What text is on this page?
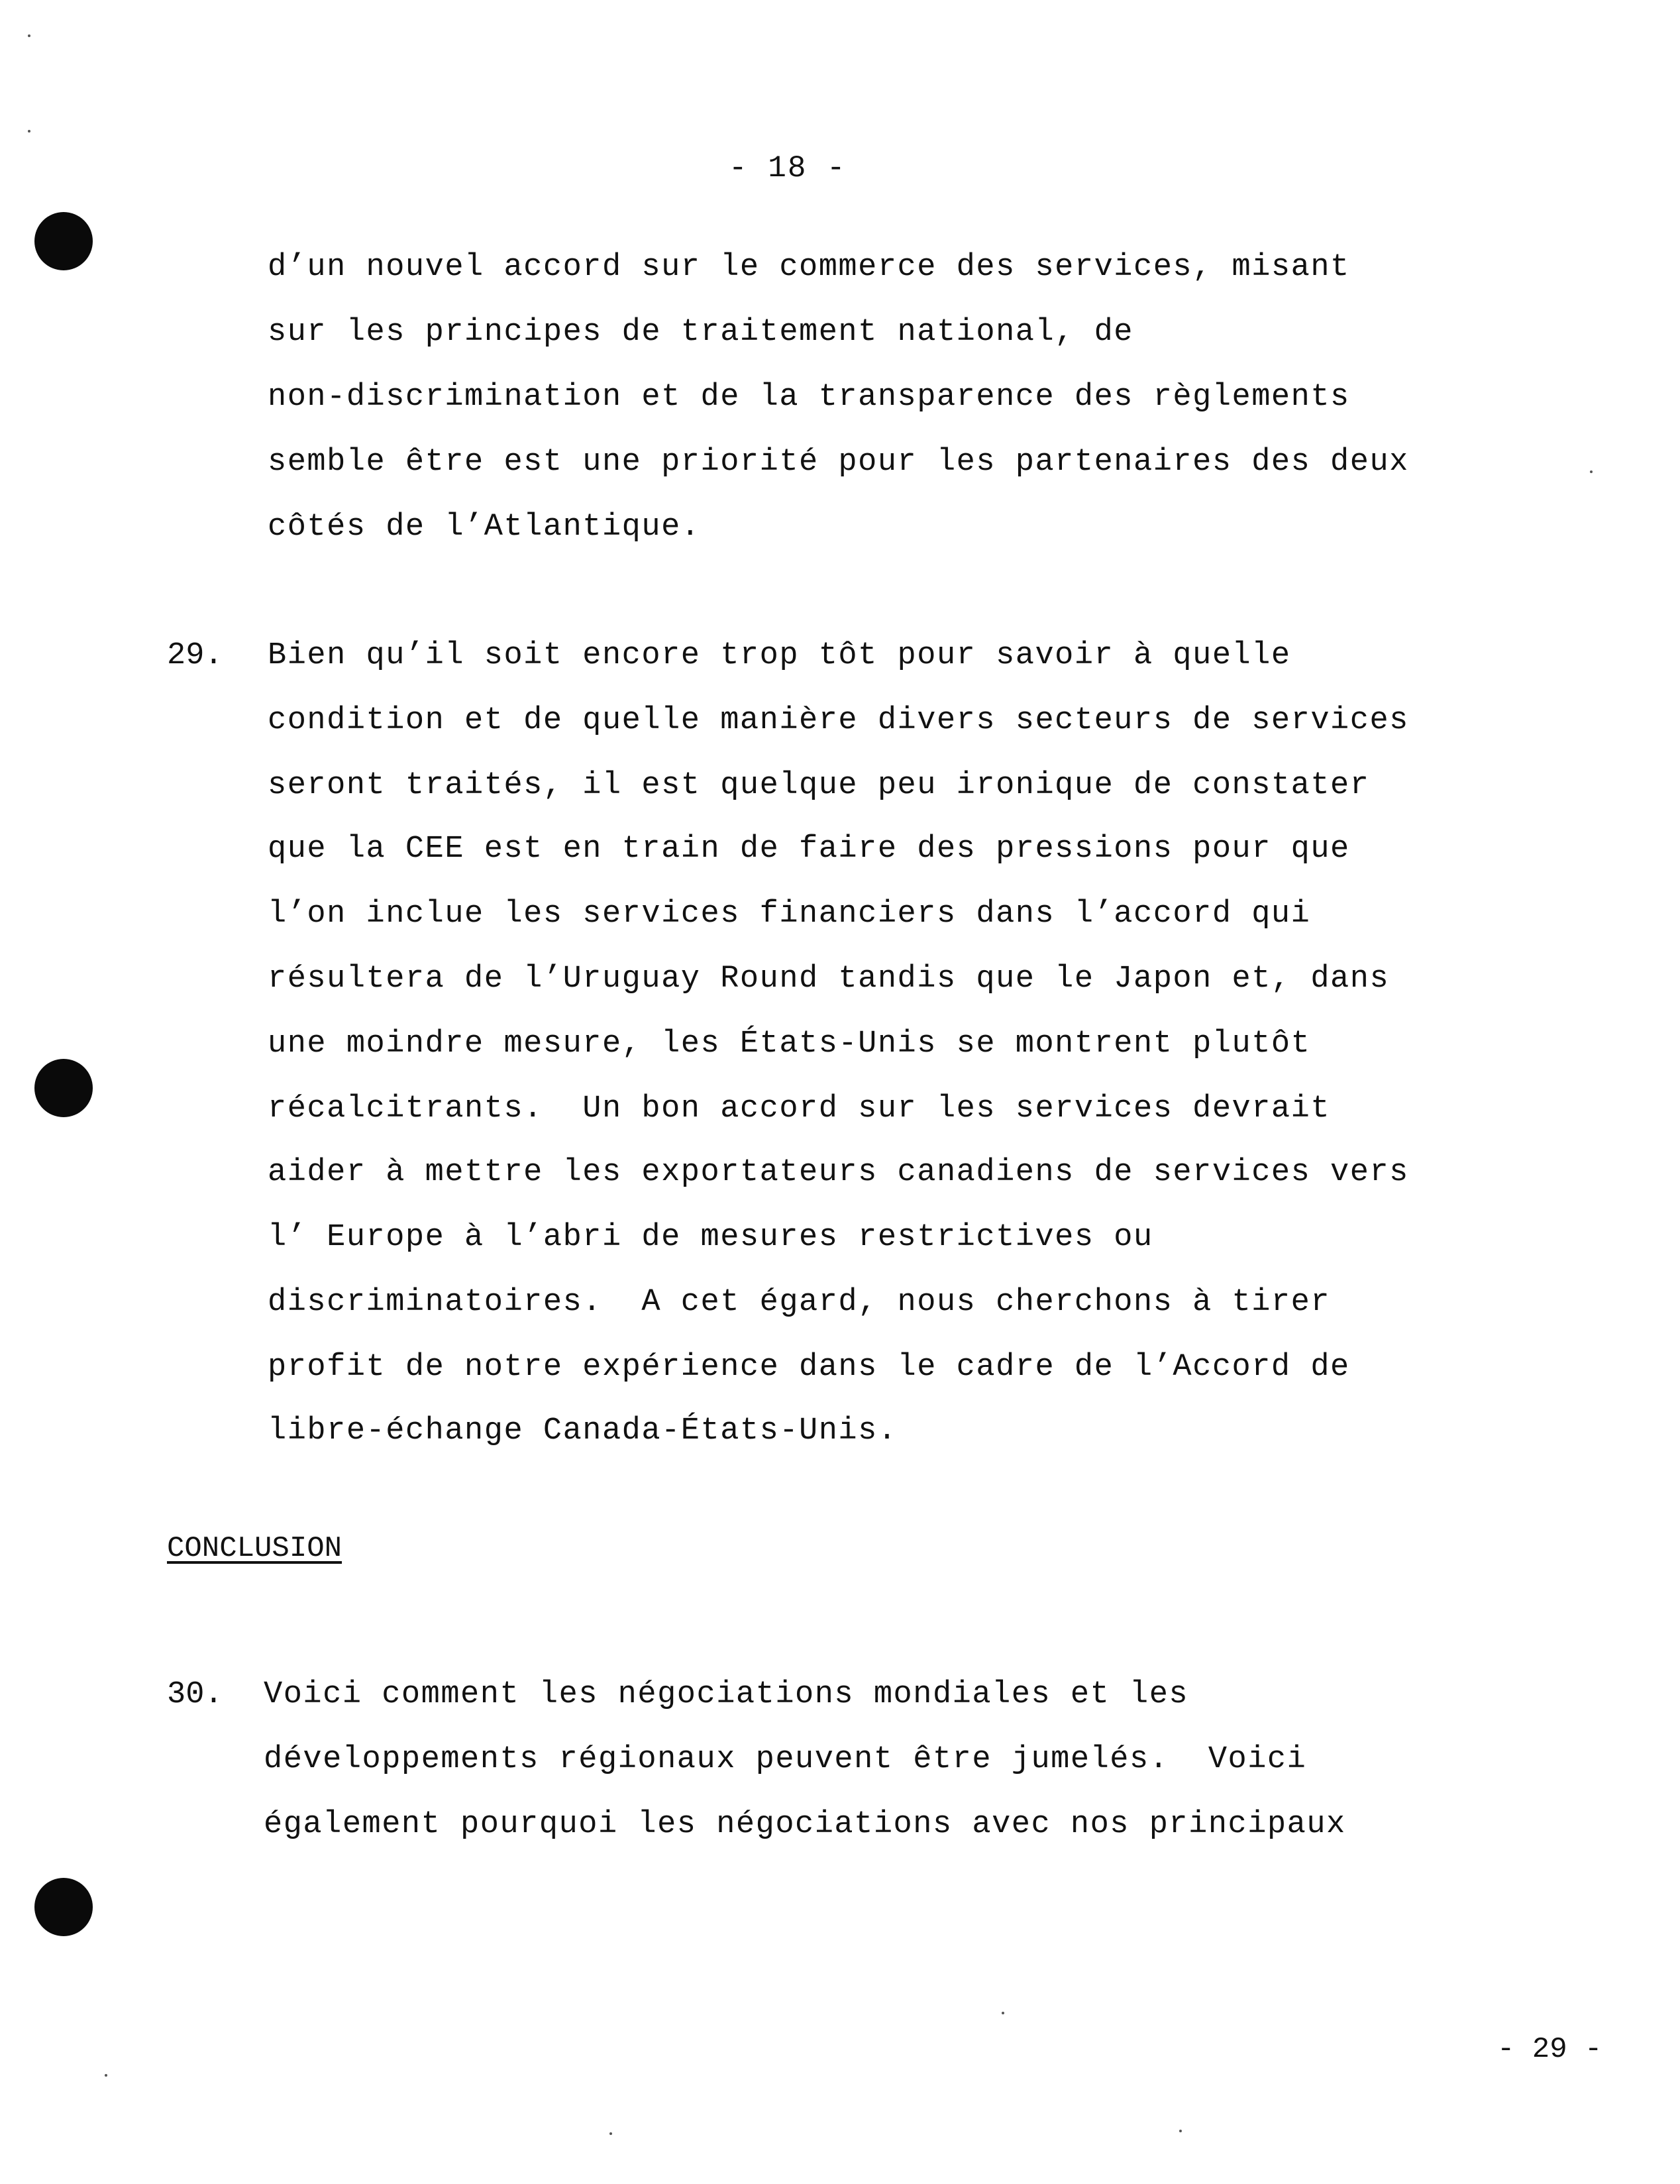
- 18 -
d’un nouvel accord sur le commerce des services, misant
sur les principes de traitement national, de
non-discrimination et de la transparence des règlements
semble être est une priorité pour les partenaires des deux
côtés de l’Atlantique.
29. Bien qu’il soit encore trop tôt pour savoir à quelle
condition et de quelle manière divers secteurs de services
seront traités, il est quelque peu ironique de constater
que la CEE est en train de faire des pressions pour que
l’on inclue les services financiers dans l’accord qui
résultera de l’Uruguay Round tandis que le Japon et, dans
une moindre mesure, les États-Unis se montrent plutôt
récalcitrants.  Un bon accord sur les services devrait
aider à mettre les exportateurs canadiens de services vers
l’ Europe à l’abri de mesures restrictives ou
discriminatoires.  A cet égard, nous cherchons à tirer
profit de notre expérience dans le cadre de l’Accord de
libre-échange Canada-États-Unis.
CONCLUSION
30. Voici comment les négociations mondiales et les
développements régionaux peuvent être jumelés.  Voici
également pourquoi les négociations avec nos principaux
- 29 -
